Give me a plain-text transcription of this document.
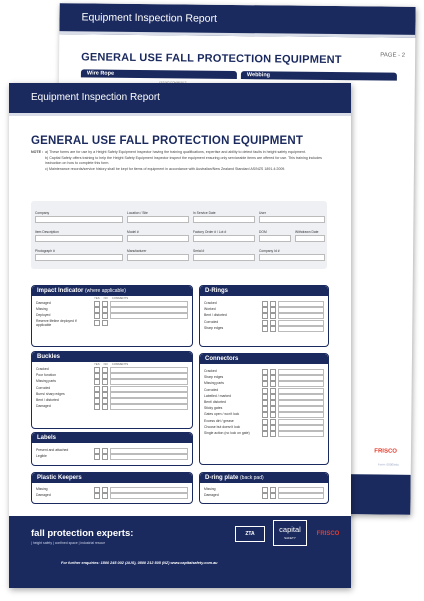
Equipment Inspection Report
GENERAL USE FALL PROTECTION EQUIPMENT	PAGE - 2
Wire Rope	Webbing
FRISCO
Form: 0000/info
Equipment Inspection Report
GENERAL USE FALL PROTECTION EQUIPMENT
NOTE : a) These forms are for use by a Height Safety Equipment Inspector having the training qualifications, expertise and ability to detect faults in height safety equipment.
b) Capital Safety offers training to help the Height Safety Equipment Inspector inspect the equipment ensuring only serviceable items are offered for use. This training includes instruction on how to complete this form.
c) Maintenance records/service history shall be kept for items of equipment in accordance with Australian/New Zealand Standard AS/NZS 1891.4:2009.
Company	Location / Site	In Service Date	User
Item Description	Model #	Factory Order # / Lot #	DOM	Withdrawn Date
Photograph #	Manufacturer	Serial #	Company Id #
Impact Indicator (where applicable)
YES NO COMMENTS
Damaged
Missing
Deployed
Reserve lifeline deployed if applicable
Buckles
YES NO COMMENTS
Cracked
Poor function
Missing parts
Corroded
Burrs/ sharp edges
Bent / distorted
Damaged
Labels
Present and attached
Legible
Plastic Keepers
Missing
Damaged
D-Rings
Cracked
Worked
Bent / distorted
Corroded
Sharp edges
Connectors
Cracked
Sharp edges
Missing parts
Corroded
Labelled / marked
Bent/ distorted
Sticky gates
Gates open / won't lock
Excess dirt / grease
Choose but doesn't lock
Single action (no lock on gate)
D-ring plate (back pad)
Missing
Damaged
fall protection experts:
| height safety | confined space | industrial rescue
ZTA	capital
SAFETY
FRISCO
For further enquiries: 1800 245 002 (AUS), 0800 212 505 (NZ) www.capitalsafety.com.au
